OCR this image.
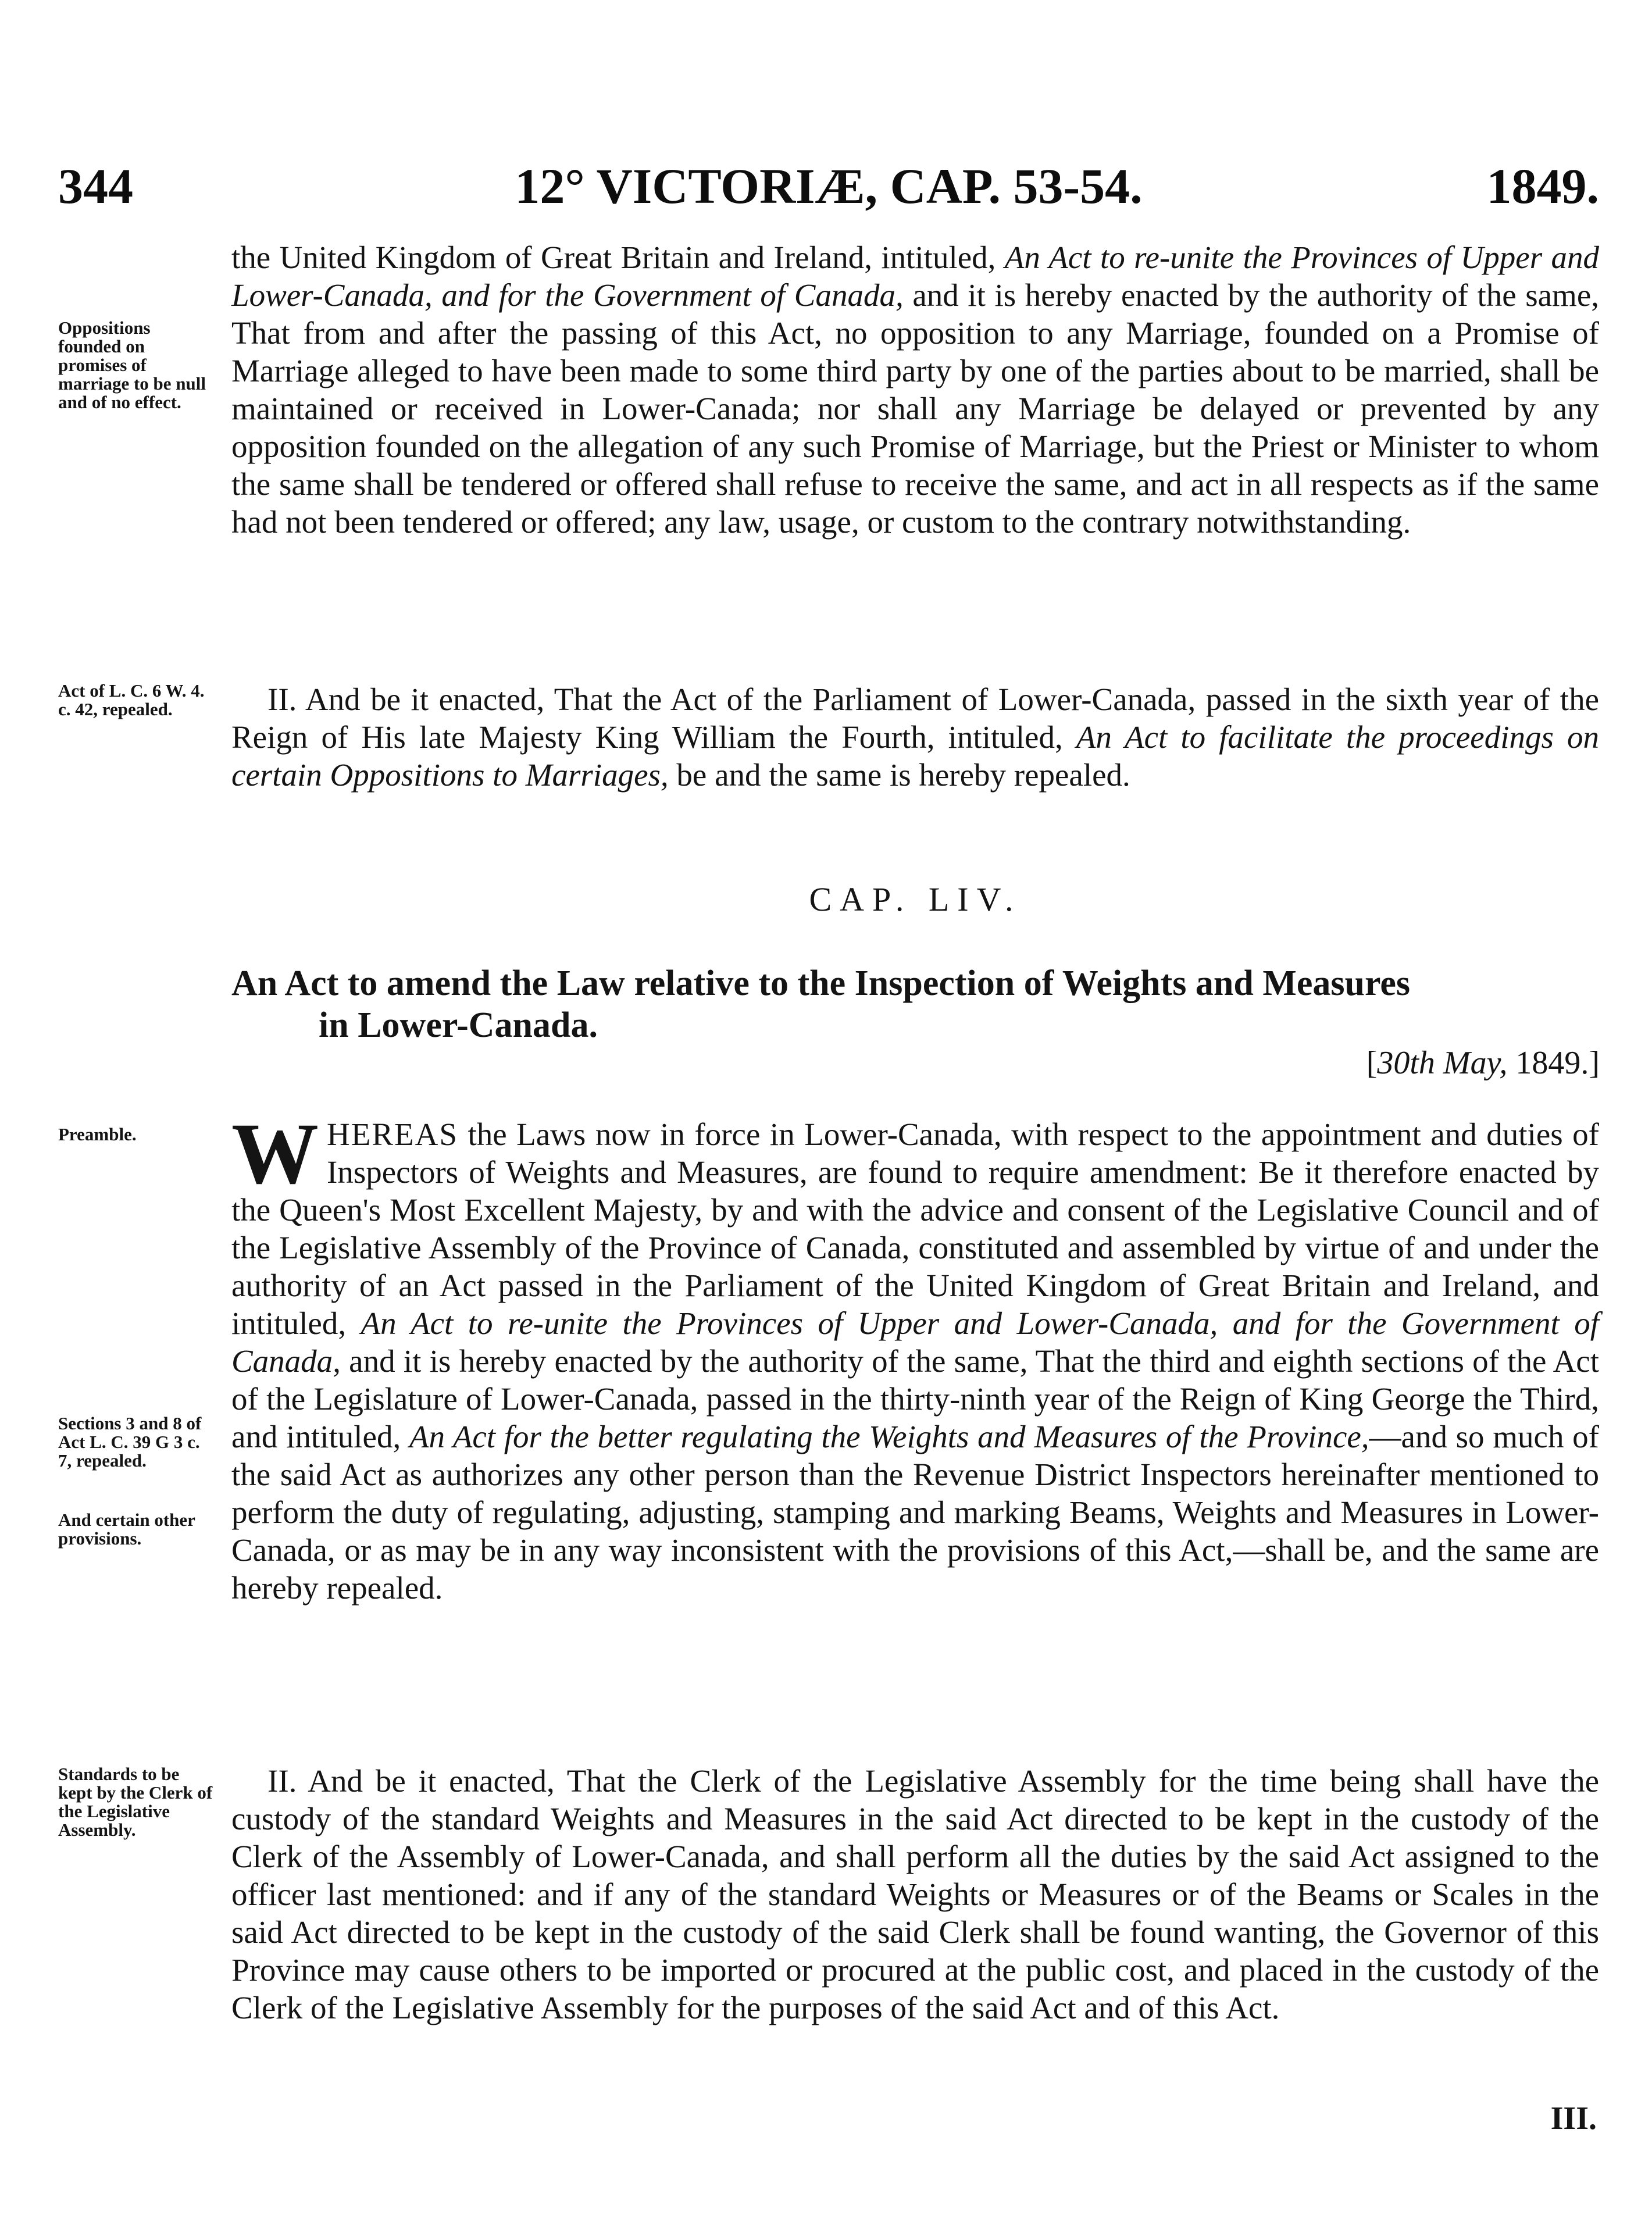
344	12° VICTORIÆ, CAP. 53-54.	1849.
Oppositions founded on promises of marriage to be null and of no effect.
Act of L. C. 6 W. 4. c. 42, repealed.
Preamble.
Sections 3 and 8 of Act L. C. 39 G 3 c. 7, repealed.
And certain other provisions.
Standards to be kept by the Clerk of the Legislative Assembly.

the United Kingdom of Great Britain and Ireland, intituled, An Act to re-unite the Provinces of Upper and Lower-Canada, and for the Government of Canada, and it is hereby enacted by the authority of the same, That from and after the passing of this Act, no opposition to any Marriage, founded on a Promise of Marriage alleged to have been made to some third party by one of the parties about to be married, shall be maintained or received in Lower-Canada; nor shall any Marriage be delayed or prevented by any opposition founded on the allegation of any such Promise of Marriage, but the Priest or Minister to whom the same shall be tendered or offered shall refuse to receive the same, and act in all respects as if the same had not been tendered or offered; any law, usage, or custom to the contrary notwithstanding.

II. And be it enacted, That the Act of the Parliament of Lower-Canada, passed in the sixth year of the Reign of His late Majesty King William the Fourth, intituled, An Act to facilitate the proceedings on certain Oppositions to Marriages, be and the same is hereby repealed.

CAP. LIV.
An Act to amend the Law relative to the Inspection of Weights and Measures
in Lower-Canada.
[30th May, 1849.]

WHEREAS the Laws now in force in Lower-Canada, with respect to the appointment and duties of Inspectors of Weights and Measures, are found to require amendment: Be it therefore enacted by the Queen's Most Excellent Majesty, by and with the advice and consent of the Legislative Council and of the Legislative Assembly of the Province of Canada, constituted and assembled by virtue of and under the authority of an Act passed in the Parliament of the United Kingdom of Great Britain and Ireland, and intituled, An Act to re-unite the Provinces of Upper and Lower-Canada, and for the Government of Canada, and it is hereby enacted by the authority of the same, That the third and eighth sections of the Act of the Legislature of Lower-Canada, passed in the thirty-ninth year of the Reign of King George the Third, and intituled, An Act for the better regulating the Weights and Measures of the Province,—and so much of the said Act as authorizes any other person than the Revenue District Inspectors hereinafter mentioned to perform the duty of regulating, adjusting, stamping and marking Beams, Weights and Measures in Lower-Canada, or as may be in any way inconsistent with the provisions of this Act,—shall be, and the same are hereby repealed.

II. And be it enacted, That the Clerk of the Legislative Assembly for the time being shall have the custody of the standard Weights and Measures in the said Act directed to be kept in the custody of the Clerk of the Assembly of Lower-Canada, and shall perform all the duties by the said Act assigned to the officer last mentioned: and if any of the standard Weights or Measures or of the Beams or Scales in the said Act directed to be kept in the custody of the said Clerk shall be found wanting, the Governor of this Province may cause others to be imported or procured at the public cost, and placed in the custody of the Clerk of the Legislative Assembly for the purposes of the said Act and of this Act.

III.
